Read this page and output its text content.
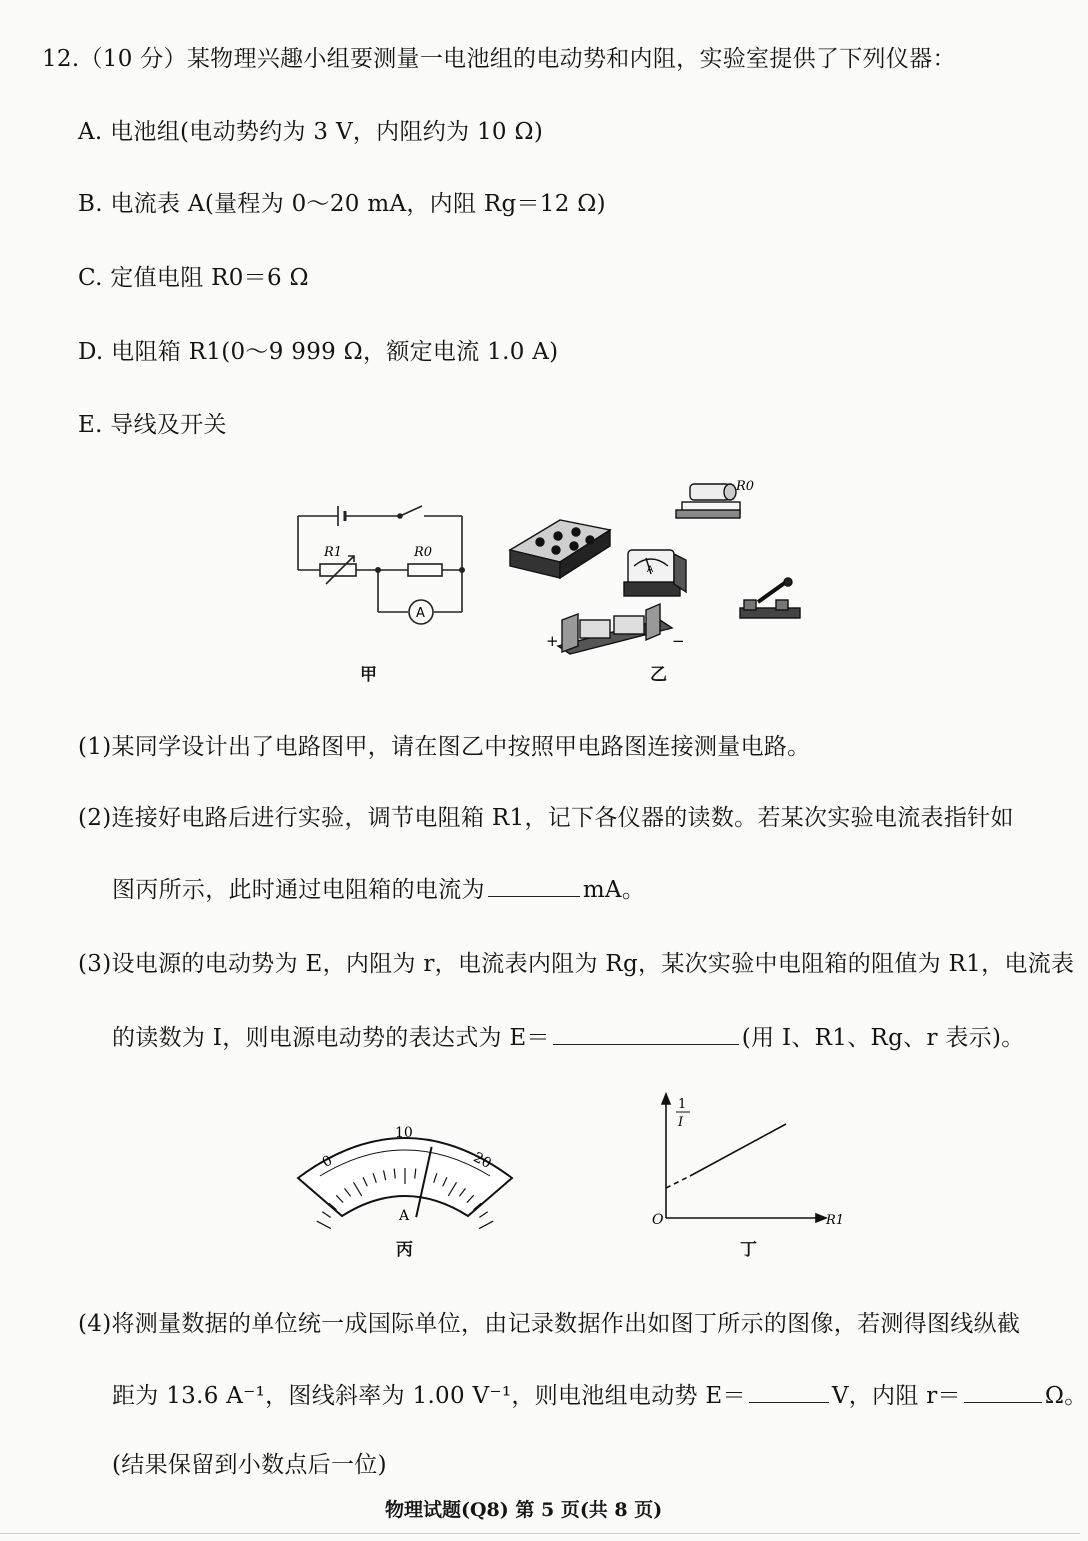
12.（10 分）某物理兴趣小组要测量一电池组的电动势和内阻，实验室提供了下列仪器：
A. 电池组(电动势约为 3 V，内阻约为 10 Ω)
B. 电流表 A(量程为 0～20 mA，内阻 Rg＝12 Ω)
C. 定值电阻 R0＝6 Ω
D. 电阻箱 R1(0～9 999 Ω，额定电流 1.0 A)
E. 导线及开关
R1	R0
A
甲
R0
A
+	−
乙
(1)某同学设计出了电路图甲，请在图乙中按照甲电路图连接测量电路。
(2)连接好电路后进行实验，调节电阻箱 R1，记下各仪器的读数。若某次实验电流表指针如
图丙所示，此时通过电阻箱的电流为	mA。
(3)设电源的电动势为 E，内阻为 r，电流表内阻为 Rg，某次实验中电阻箱的阻值为 R1，电流表
的读数为 I，则电源电动势的表达式为 E＝	(用 I、R1、Rg、r 表示)。
0
10
20
A
丙
1
I
O	R1
丁
(4)将测量数据的单位统一成国际单位，由记录数据作出如图丁所示的图像，若测得图线纵截
距为 13.6 A⁻¹，图线斜率为 1.00 V⁻¹，则电池组电动势 E＝	V，内阻 r＝	Ω。
(结果保留到小数点后一位)
物理试题(Q8) 第 5 页(共 8 页)
